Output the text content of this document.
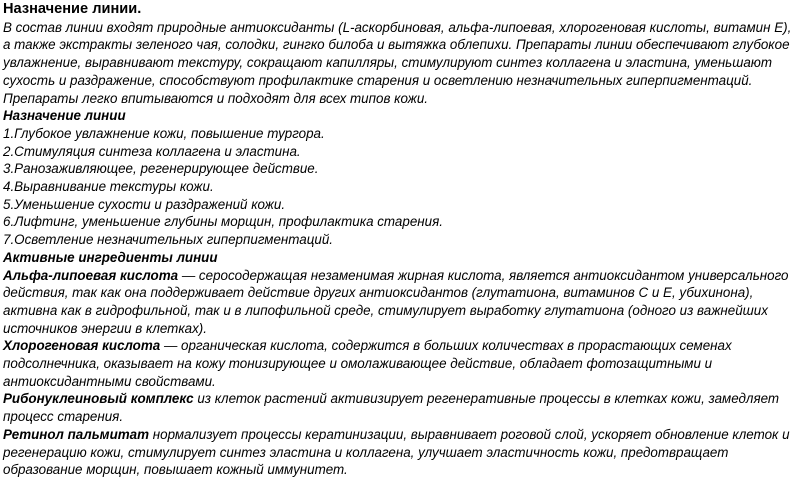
Назначение линии.
В состав линии входят природные антиоксиданты (L-аскорбиновая, альфа-липоевая, хлорогеновая кислоты, витамин Е), а также экстракты зеленого чая, солодки, гингко билоба и вытяжка облепихи. Препараты линии обеспечивают глубокое увлажнение, выравнивают текстуру, сокращают капилляры, стимулируют синтез коллагена и эластина, уменьшают сухость и раздражение, способствуют профилактике старения и осветлению незначительных гиперпигментаций. Препараты легко впитываются и подходят для всех типов кожи.
Назначение линии
1.Глубокое увлажнение кожи, повышение тургора.
2.Стимуляция синтеза коллагена и эластина.
3.Ранозаживляющее, регенерирующее действие.
4.Выравнивание текстуры кожи.
5.Уменьшение сухости и раздражений кожи.
6.Лифтинг, уменьшение глубины морщин, профилактика старения.
7.Осветление незначительных гиперпигментаций.
Активные ингредиенты линии
Альфа-липоевая кислота — серосодержащая незаменимая жирная кислота, является антиоксидантом универсального действия, так как она поддерживает действие других антиоксидантов (глутатиона, витаминов С и Е, убихинона), активна как в гидрофильной, так и в липофильной среде, стимулирует выработку глутатиона (одного из важнейших источников энергии в клетках).
Хлорогеновая кислота — органическая кислота, содержится в больших количествах в прорастающих семенах подсолнечника, оказывает на кожу тонизирующее и омолаживающее действие, обладает фотозащитными и антиоксидантными свойствами.
Рибонуклеиновый комплекс из клеток растений активизирует регенеративные процессы в клетках кожи, замедляет процесс старения.
Ретинол пальмитат нормализует процессы кератинизации, выравнивает роговой слой, ускоряет обновление клеток и регенерацию кожи, стимулирует синтез эластина и коллагена, улучшает эластичность кожи, предотвращает образование морщин, повышает кожный иммунитет.
